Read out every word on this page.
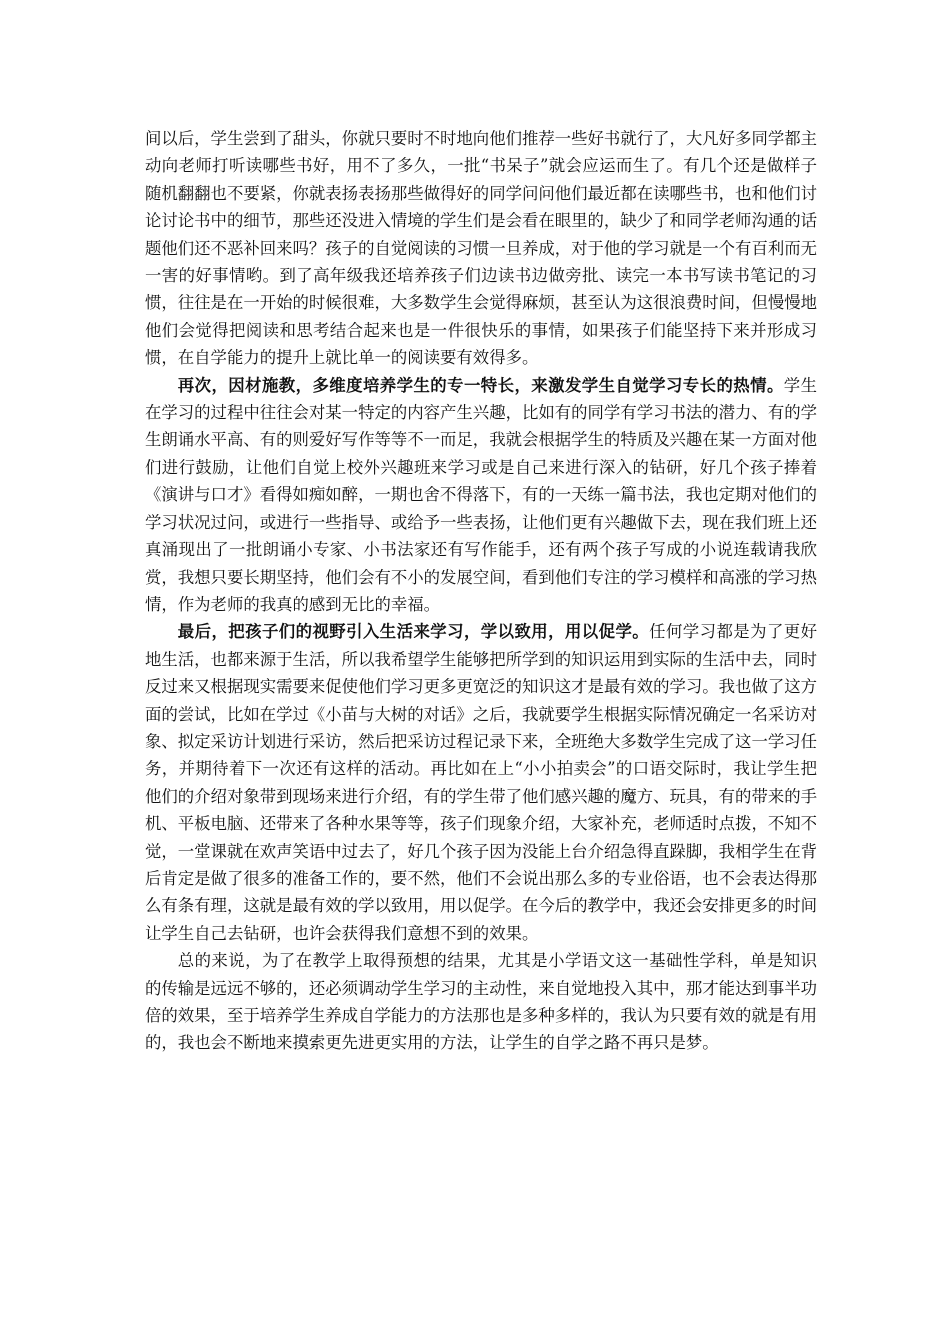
间以后，学生尝到了甜头，你就只要时不时地向他们推荐一些好书就行了，大凡好多同学都主动向老师打听读哪些书好，用不了多久，一批“书呆子”就会应运而生了。有几个还是做样子随机翻翻也不要紧，你就表扬表扬那些做得好的同学问问他们最近都在读哪些书，也和他们讨论讨论书中的细节，那些还没进入情境的学生们是会看在眼里的，缺少了和同学老师沟通的话题他们还不恶补回来吗？孩子的自觉阅读的习惯一旦养成，对于他的学习就是一个有百利而无一害的好事情哟。到了高年级我还培养孩子们边读书边做旁批、读完一本书写读书笔记的习惯，往往是在一开始的时候很难，大多数学生会觉得麻烦，甚至认为这很浪费时间，但慢慢地他们会觉得把阅读和思考结合起来也是一件很快乐的事情，如果孩子们能坚持下来并形成习惯，在自学能力的提升上就比单一的阅读要有效得多。

再次，因材施教，多维度培养学生的专一特长，来激发学生自觉学习专长的热情。学生在学习的过程中往往会对某一特定的内容产生兴趣，比如有的同学有学习书法的潜力、有的学生朗诵水平高、有的则爱好写作等等不一而足，我就会根据学生的特质及兴趣在某一方面对他们进行鼓励，让他们自觉上校外兴趣班来学习或是自己来进行深入的钻研，好几个孩子捧着《演讲与口才》看得如痴如醉，一期也舍不得落下，有的一天练一篇书法，我也定期对他们的学习状况过问，或进行一些指导、或给予一些表扬，让他们更有兴趣做下去，现在我们班上还真涌现出了一批朗诵小专家、小书法家还有写作能手，还有两个孩子写成的小说连载请我欣赏，我想只要长期坚持，他们会有不小的发展空间，看到他们专注的学习模样和高涨的学习热情，作为老师的我真的感到无比的幸福。

最后，把孩子们的视野引入生活来学习，学以致用，用以促学。任何学习都是为了更好地生活，也都来源于生活，所以我希望学生能够把所学到的知识运用到实际的生活中去，同时反过来又根据现实需要来促使他们学习更多更宽泛的知识这才是最有效的学习。我也做了这方面的尝试，比如在学过《小苗与大树的对话》之后，我就要学生根据实际情况确定一名采访对象、拟定采访计划进行采访，然后把采访过程记录下来，全班绝大多数学生完成了这一学习任务，并期待着下一次还有这样的活动。再比如在上“小小拍卖会”的口语交际时，我让学生把他们的介绍对象带到现场来进行介绍，有的学生带了他们感兴趣的魔方、玩具，有的带来的手机、平板电脑、还带来了各种水果等等，孩子们现象介绍，大家补充，老师适时点拨，不知不觉，一堂课就在欢声笑语中过去了，好几个孩子因为没能上台介绍急得直跺脚，我相学生在背后肯定是做了很多的准备工作的，要不然，他们不会说出那么多的专业俗语，也不会表达得那么有条有理，这就是最有效的学以致用，用以促学。在今后的教学中，我还会安排更多的时间让学生自己去钻研，也许会获得我们意想不到的效果。

总的来说，为了在教学上取得预想的结果，尤其是小学语文这一基础性学科，单是知识的传输是远远不够的，还必须调动学生学习的主动性，来自觉地投入其中，那才能达到事半功倍的效果，至于培养学生养成自学能力的方法那也是多种多样的，我认为只要有效的就是有用的，我也会不断地来摸索更先进更实用的方法，让学生的自学之路不再只是梦。
